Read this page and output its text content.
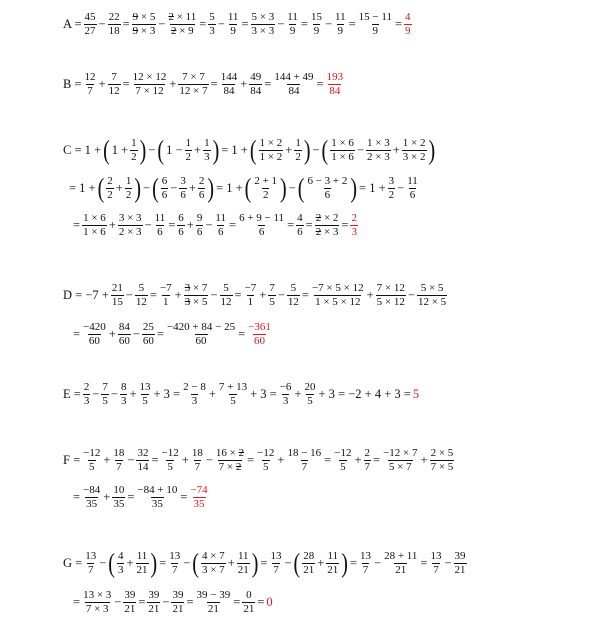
$A = \frac{45}{27} - \frac{22}{18} = \frac{9 \times 5}{9 \times 3} - \frac{2 \times 11}{2 \times 9} = \frac{5}{3} - \frac{11}{9} = \frac{5 \times 3}{3 \times 3} - \frac{11}{9} = \frac{15}{9} - \frac{11}{9} = \frac{15 - 11}{9} = \frac{4}{9}$
$B = \frac{12}{7} + \frac{7}{12} = \frac{12 \times 12}{7 \times 12} + \frac{7 \times 7}{12 \times 7} = \frac{144}{84} + \frac{49}{84} = \frac{144 + 49}{84} = \frac{193}{84}$
C = 1 + ( $1 + \frac{1}{2}$ ) − ( $1 - \frac{1}{2} + \frac{1}{3}$ ) = 1 + ( 1 × 2
$1 \times 2 + \frac{1}{2}$ ) − ( 1 × 6
$1 \times 6 - \frac{1 \times 3}{2 \times 3} + \frac{1 \times 2}{3 \times 2}$ )
= 1 + ( 2
$2 + \frac{1}{2}$ ) − ( 6
$6 - \frac{3}{6} + \frac{2}{6}$ ) = 1 + ( 2 + 1
2 ) − ( 6 − 3 + 2
6 ) = $1 + \frac{3}{2} - \frac{11}{6}$
= $\frac{1 \times 6}{1 \times 6} + \frac{3 \times 3}{2 \times 3} - \frac{11}{6} = \frac{6}{6} + \frac{9}{6} - \frac{11}{6} = \frac{6 + 9 - 11}{6} = \frac{4}{6} = \frac{2 \times 2}{2 \times 3} = \frac{2}{3}$
$D = -7 + \frac{21}{15} - \frac{5}{12} = \frac{-7}{1} + \frac{3 \times 7}{3 \times 5} - \frac{5}{12} = \frac{-7}{1} + \frac{7}{5} - \frac{5}{12} = \frac{-7 \times 5 \times 12}{1 \times 5 \times 12} + \frac{7 \times 12}{5 \times 12} - \frac{5 \times 5}{12 \times 5}$
= $\frac{-420}{60} + \frac{84}{60} - \frac{25}{60} = \frac{-420 + 84 - 25}{60} = \frac{-361}{60}$
$E = \frac{2}{3} - \frac{7}{5} - \frac{8}{3} + \frac{13}{5} + 3 = \frac{2 - 8}{3} + \frac{7 + 13}{5} + 3 = \frac{-6}{3} + \frac{20}{5} + 3 = -2 + 4 + 3 = 5$
$F = \frac{-12}{5} + \frac{18}{7} - \frac{32}{14} = \frac{-12}{5} + \frac{18}{7} - \frac{16 \times 2}{7 \times 2} = \frac{-12}{5} + \frac{18 - 16}{7} = \frac{-12}{5} + \frac{2}{7} = \frac{-12 \times 7}{5 \times 7} + \frac{2 \times 5}{7 \times 5}$
= $\frac{-84}{35} + \frac{10}{35} = \frac{-84 + 10}{35} = \frac{-74}{35}$
$G = \frac{13}{7}$ − ( 4
$3 + \frac{11}{21}$ ) = $\frac{13}{7}$ − ( 4 × 7
$3 \times 7 + \frac{11}{21}$ ) = $\frac{13}{7}$ − ( 28
$21 + \frac{11}{21}$ ) = $\frac{13}{7} - \frac{28 + 11}{21} = \frac{13}{7} - \frac{39}{21}$
= $\frac{13 \times 3}{7 \times 3} - \frac{39}{21} = \frac{39}{21} - \frac{39}{21} = \frac{39 - 39}{21} = \frac{0}{21} = 0$
